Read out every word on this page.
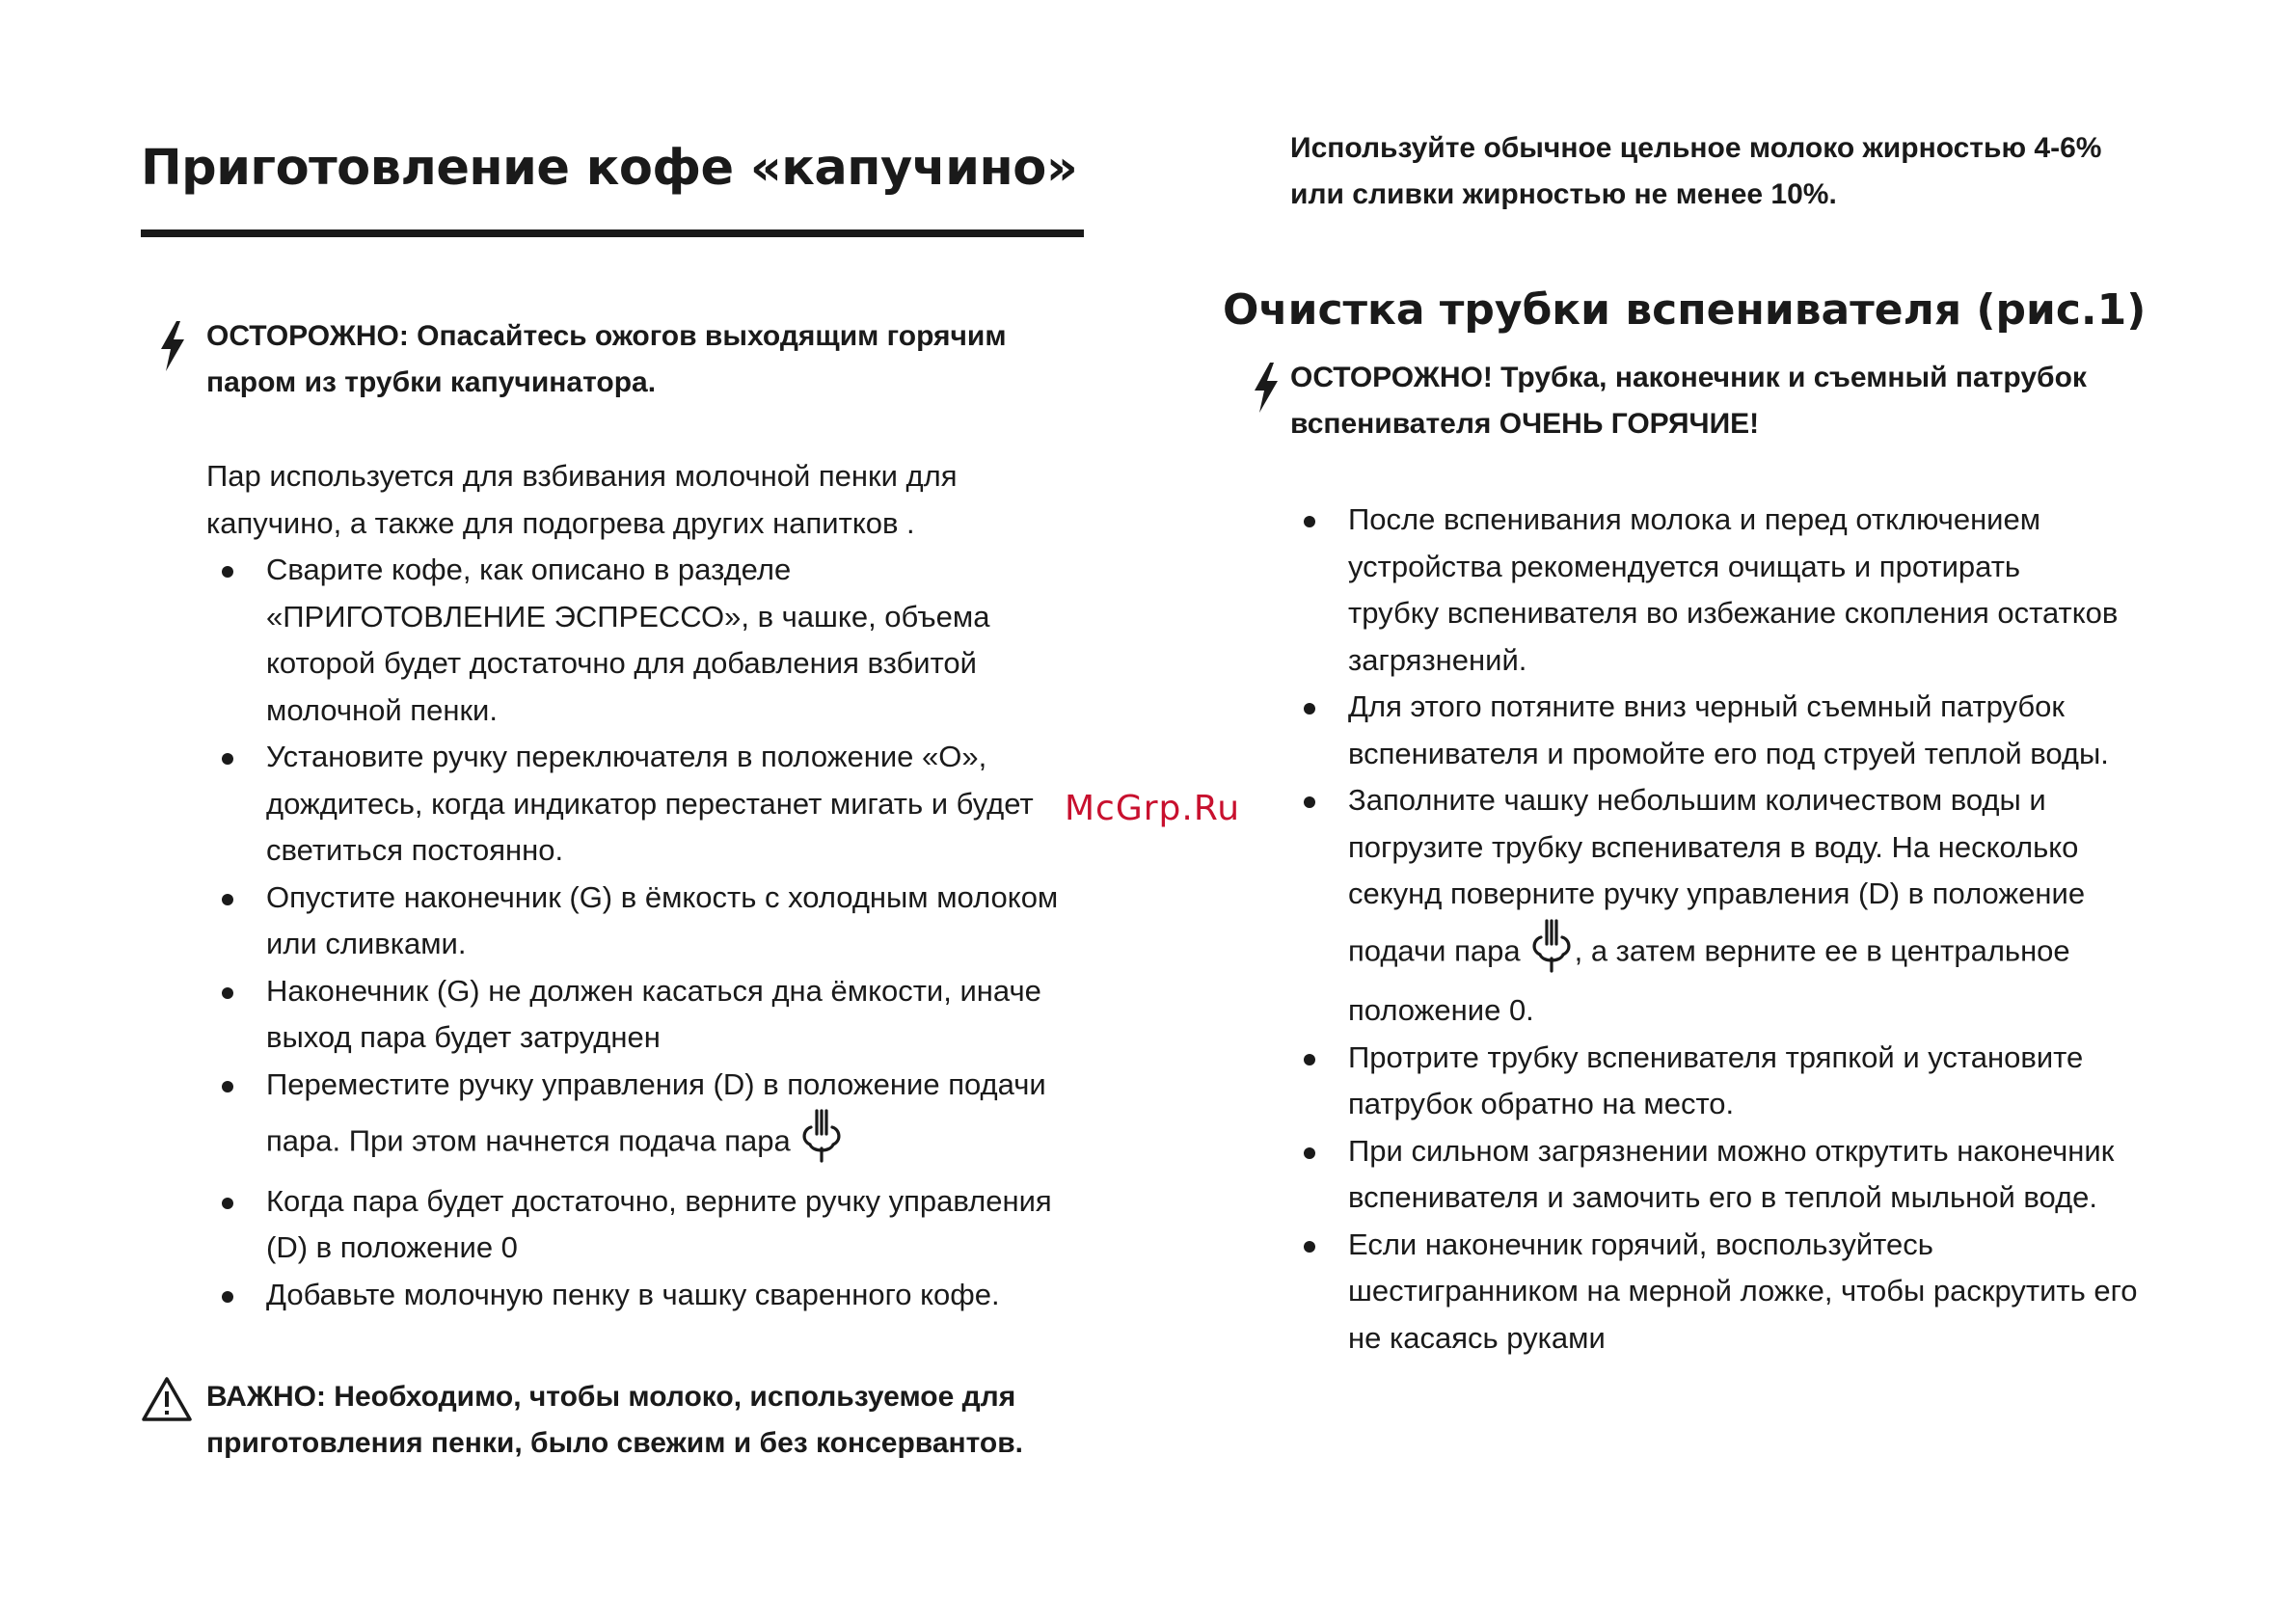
Приготовление кофе «капучино»

ОСТОРОЖНО: Опасайтесь ожогов выходящим горячим
паром из трубки капучинатора.

Пар используется для взбивания молочной пенки для
капучино, а также для подогрева других напитков .

Сварите кофе, как описано в разделе
«ПРИГОТОВЛЕНИЕ ЭСПРЕССО», в чашке, объема
которой будет достаточно для добавления взбитой
молочной пенки.
Установите ручку переключателя в положение «О»,
дождитесь, когда индикатор перестанет мигать и будет
светиться постоянно.
Опустите наконечник (G) в ёмкость с холодным молоком
или сливками.
Наконечник (G) не должен касаться дна ёмкости, иначе
выход пара будет затруднен
Переместите ручку управления (D) в положение подачи
пара. При этом начнется подача пара
Когда пара будет достаточно, верните ручку управления
(D) в положение 0
Добавьте молочную пенку в чашку сваренного кофе.

ВАЖНО: Необходимо, чтобы молоко, используемое для
приготовления пенки, было свежим и без консервантов.

Используйте обычное цельное молоко жирностью 4-6%
или сливки жирностью не менее 10%.

Очистка трубки вспенивателя (рис.1)

ОСТОРОЖНО! Трубка, наконечник и съемный патрубок
вспенивателя ОЧЕНЬ ГОРЯЧИЕ!

После вспенивания молока и перед отключением
устройства рекомендуется очищать и протирать
трубку вспенивателя во избежание скопления остатков
загрязнений.
Для этого потяните вниз черный съемный патрубок
вспенивателя и промойте его под струей теплой воды.
Заполните чашку небольшим количеством воды и
погрузите трубку вспенивателя в воду. На несколько
секунд поверните ручку управления (D) в положение
подачи пара , а затем верните ее в центральное
положение 0.
Протрите трубку вспенивателя тряпкой и установите
патрубок обратно на место.
При сильном загрязнении можно открутить наконечник
вспенивателя и замочить его в теплой мыльной воде.
Если наконечник горячий, воспользуйтесь
шестигранником на мерной ложке, чтобы раскрутить его
не касаясь руками
McGrp.Ru
